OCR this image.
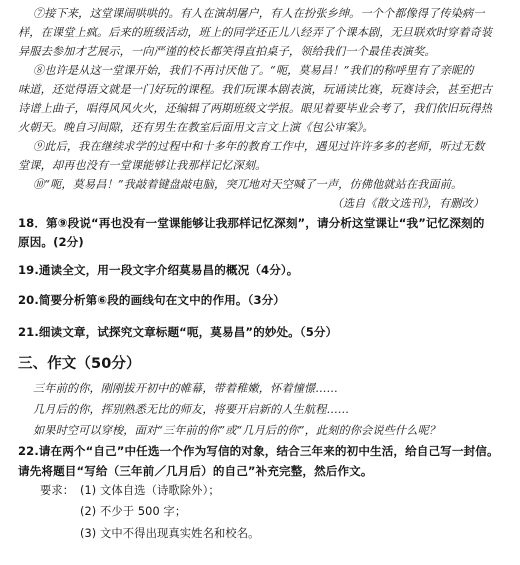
⑦接下来，这堂课闹哄哄的。有人在演胡屠户，有人在扮张乡绅。一个个都像得了传染病一
样，在课堂上疯。后来的班级活动，班上的同学还正儿八经弄了个课本剧，无旦联欢时穿着奇装
异服去参加才艺展示，一向严谨的校长都笑得直拍桌子，领给我们一个最佳表演奖。
⑧也许是从这一堂课开始，我们不再讨厌他了。“呃，莫易昌！”我们的称呼里有了亲昵的
味道，还觉得语文就是一门好玩的课程。我们玩课本剧表演，玩诵读比赛，玩赛诗会，甚至把古
诗谱上曲子，唱得风风火火，还编辑了两期班级文学报。眼见着要毕业会考了，我们依旧玩得热
火朝天。晚自习间隙，还有男生在教室后面用文言文上演《包公审案》。
⑨此后，我在继续求学的过程中和十多年的教育工作中，遇见过许许多多的老师，听过无数
堂课，却再也没有一堂课能够让我那样记忆深刻。
⑩“呃，莫易昌！”我敲着键盘敲电脑，突兀地对天空喊了一声，仿佛他就站在我面前。
（选自《散文选刊》，有删改）
18．第⑨段说“再也没有一堂课能够让我那样记忆深刻”，请分析这堂课让“我”记忆深刻的
原因。(2分)
19.通读全文，用一段文字介绍莫易昌的概况（4分）。
20.简要分析第⑥段的画线句在文中的作用。（3分）
21.细读文章，试探究文章标题“呃，莫易昌”的妙处。（5分）
三、作文（50分）
三年前的你，刚刚拔开初中的帷幕，带着稚嫩，怀着憧憬……
几月后的你，挥别熟悉无比的师友，将要开启新的人生航程……
如果时空可以穿梭，面对“三年前的你”或“几月后的你”，此刻的你会说些什么呢？
22.请在两个“自己”中任选一个作为写信的对象，结合三年来的初中生活，给自己写一封信。
请先将题目“写给（三年前／几月后）的自己”补充完整，然后作文。
要求： (1) 文体自选（诗歌除外）；
(2) 不少于 500 字；
(3) 文中不得出现真实姓名和校名。
